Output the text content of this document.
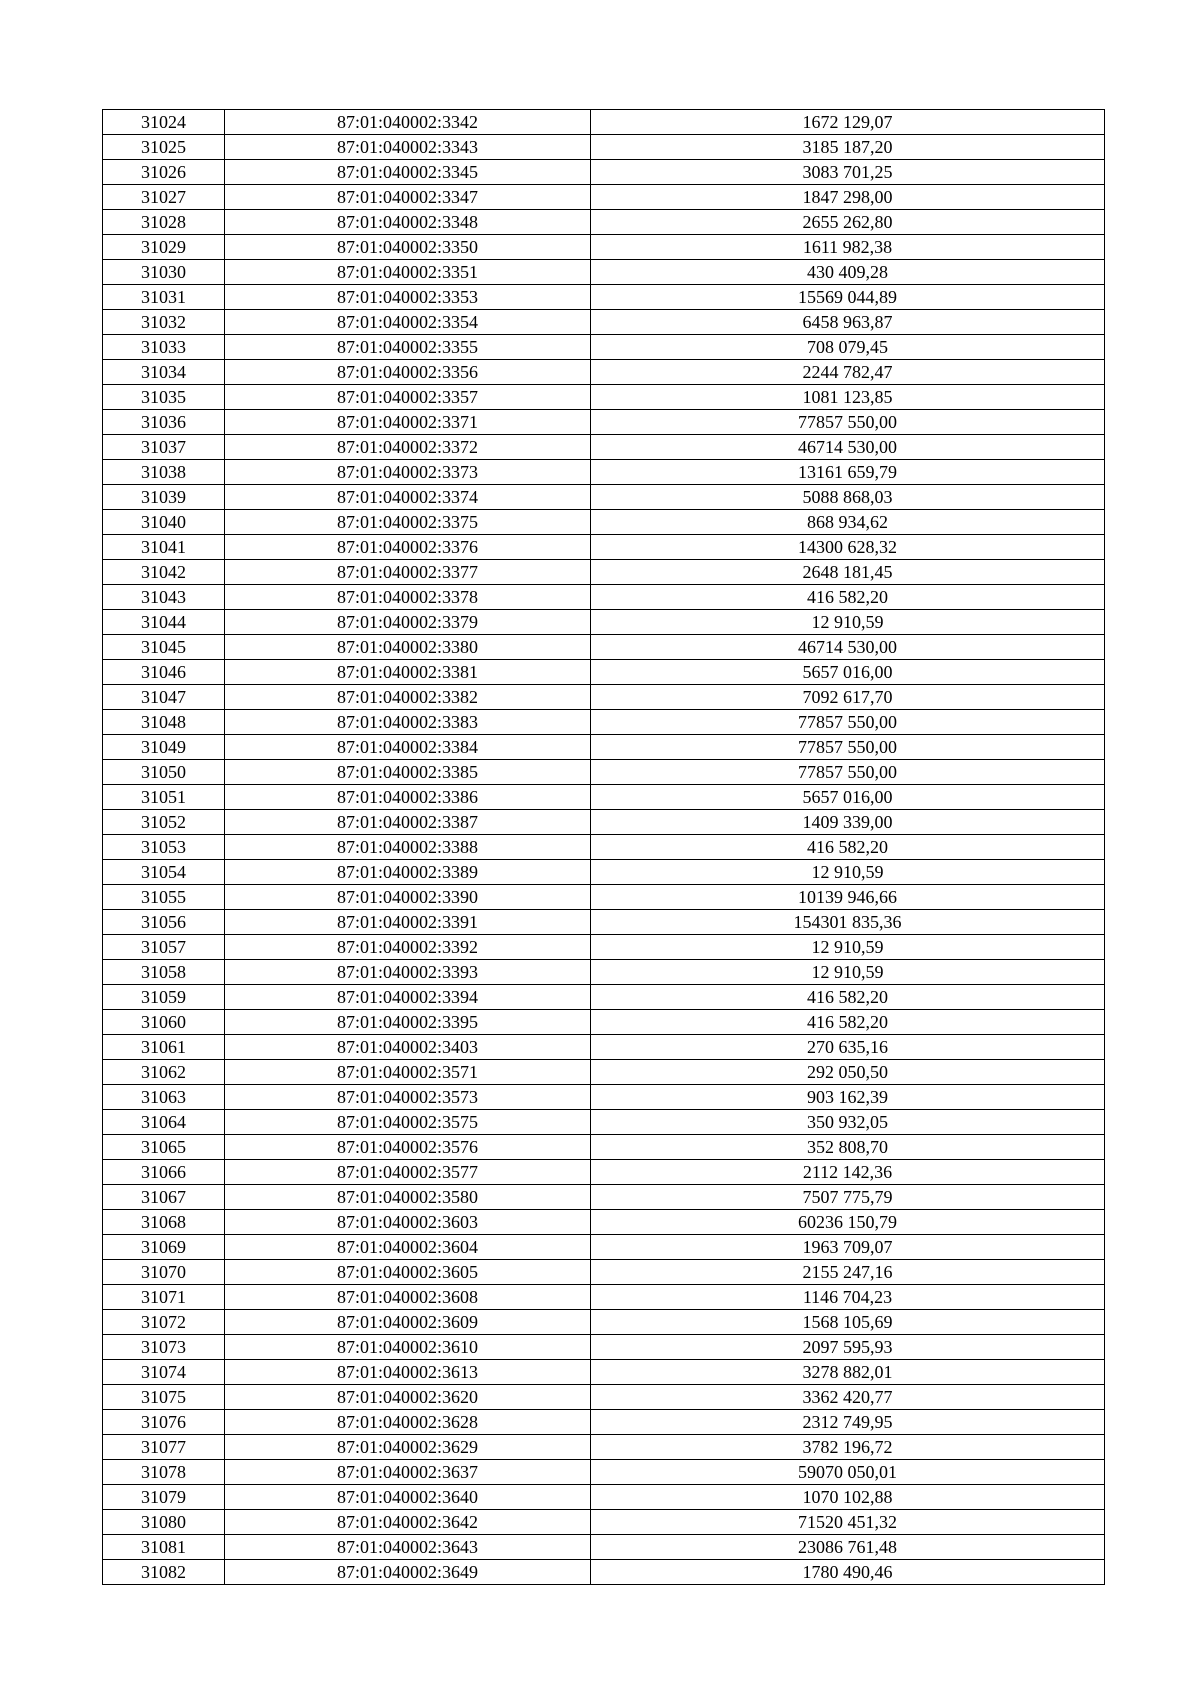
31024	87:01:040002:3342	1672 129,07
31025	87:01:040002:3343	3185 187,20
31026	87:01:040002:3345	3083 701,25
31027	87:01:040002:3347	1847 298,00
31028	87:01:040002:3348	2655 262,80
31029	87:01:040002:3350	1611 982,38
31030	87:01:040002:3351	430 409,28
31031	87:01:040002:3353	15569 044,89
31032	87:01:040002:3354	6458 963,87
31033	87:01:040002:3355	708 079,45
31034	87:01:040002:3356	2244 782,47
31035	87:01:040002:3357	1081 123,85
31036	87:01:040002:3371	77857 550,00
31037	87:01:040002:3372	46714 530,00
31038	87:01:040002:3373	13161 659,79
31039	87:01:040002:3374	5088 868,03
31040	87:01:040002:3375	868 934,62
31041	87:01:040002:3376	14300 628,32
31042	87:01:040002:3377	2648 181,45
31043	87:01:040002:3378	416 582,20
31044	87:01:040002:3379	12 910,59
31045	87:01:040002:3380	46714 530,00
31046	87:01:040002:3381	5657 016,00
31047	87:01:040002:3382	7092 617,70
31048	87:01:040002:3383	77857 550,00
31049	87:01:040002:3384	77857 550,00
31050	87:01:040002:3385	77857 550,00
31051	87:01:040002:3386	5657 016,00
31052	87:01:040002:3387	1409 339,00
31053	87:01:040002:3388	416 582,20
31054	87:01:040002:3389	12 910,59
31055	87:01:040002:3390	10139 946,66
31056	87:01:040002:3391	154301 835,36
31057	87:01:040002:3392	12 910,59
31058	87:01:040002:3393	12 910,59
31059	87:01:040002:3394	416 582,20
31060	87:01:040002:3395	416 582,20
31061	87:01:040002:3403	270 635,16
31062	87:01:040002:3571	292 050,50
31063	87:01:040002:3573	903 162,39
31064	87:01:040002:3575	350 932,05
31065	87:01:040002:3576	352 808,70
31066	87:01:040002:3577	2112 142,36
31067	87:01:040002:3580	7507 775,79
31068	87:01:040002:3603	60236 150,79
31069	87:01:040002:3604	1963 709,07
31070	87:01:040002:3605	2155 247,16
31071	87:01:040002:3608	1146 704,23
31072	87:01:040002:3609	1568 105,69
31073	87:01:040002:3610	2097 595,93
31074	87:01:040002:3613	3278 882,01
31075	87:01:040002:3620	3362 420,77
31076	87:01:040002:3628	2312 749,95
31077	87:01:040002:3629	3782 196,72
31078	87:01:040002:3637	59070 050,01
31079	87:01:040002:3640	1070 102,88
31080	87:01:040002:3642	71520 451,32
31081	87:01:040002:3643	23086 761,48
31082	87:01:040002:3649	1780 490,46
